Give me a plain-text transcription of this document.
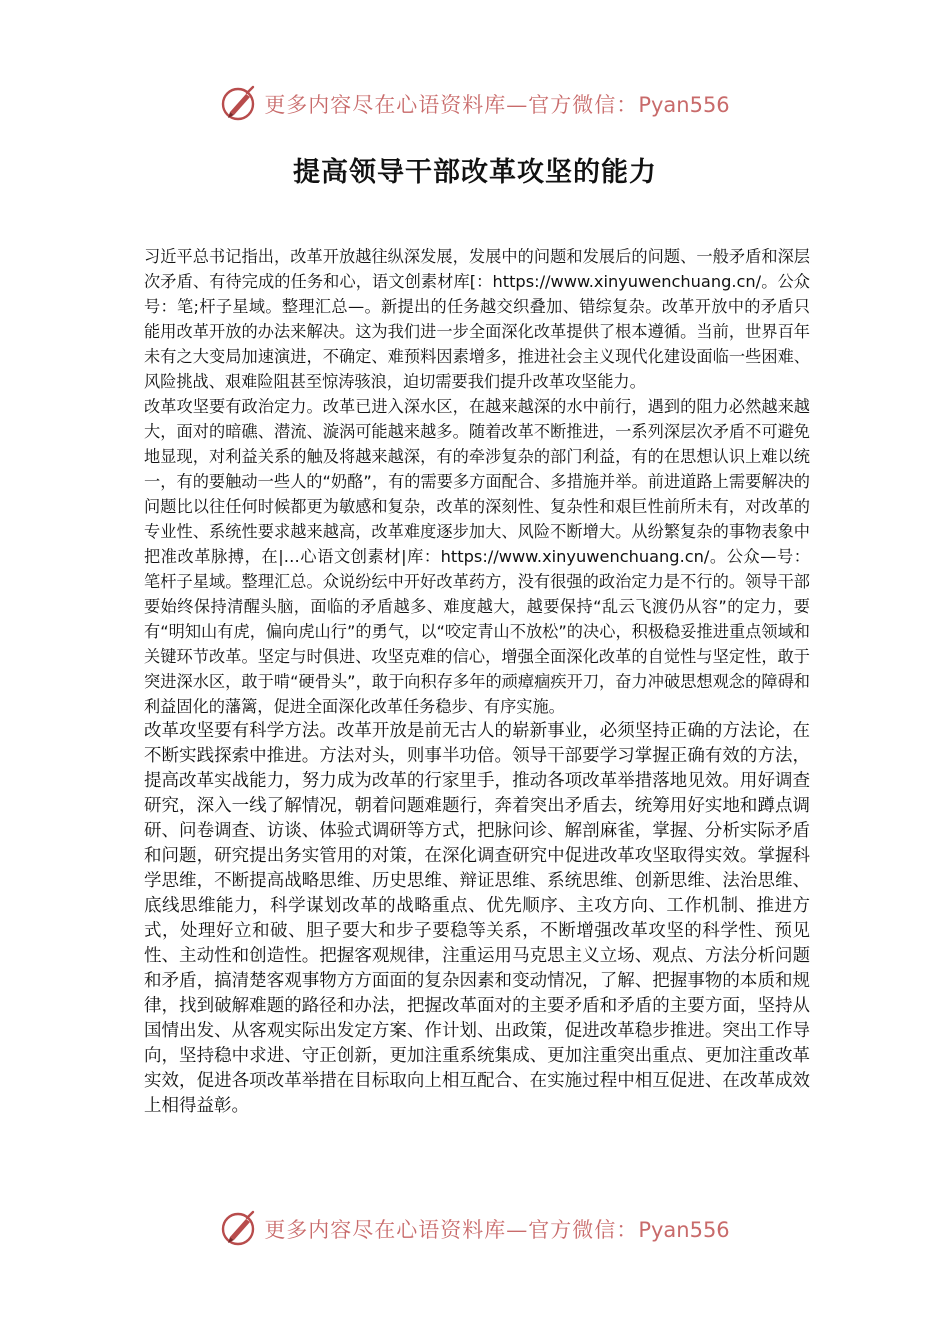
更多内容尽在心语资料库—官方微信：Pyan556
提高领导干部改革攻坚的能力

习近平总书记指出，改革开放越往纵深发展，发展中的问题和发展后的问题、一般矛盾和深层次矛盾、有待完成的任务和心，语文创素材库[：https://www.xinyuwenchuang.cn/。公众号：笔;杆子星域。整理汇总—。新提出的任务越交织叠加、错综复杂。改革开放中的矛盾只能用改革开放的办法来解决。这为我们进一步全面深化改革提供了根本遵循。当前，世界百年未有之大变局加速演进，不确定、难预料因素增多，推进社会主义现代化建设面临一些困难、风险挑战、艰难险阻甚至惊涛骇浪，迫切需要我们提升改革攻坚能力。

改革攻坚要有政治定力。改革已进入深水区，在越来越深的水中前行，遇到的阻力必然越来越大，面对的暗礁、潜流、漩涡可能越来越多。随着改革不断推进，一系列深层次矛盾不可避免地显现，对利益关系的触及将越来越深，有的牵涉复杂的部门利益，有的在思想认识上难以统一，有的要触动一些人的“奶酪”，有的需要多方面配合、多措施并举。前进道路上需要解决的问题比以往任何时候都更为敏感和复杂，改革的深刻性、复杂性和艰巨性前所未有，对改革的专业性、系统性要求越来越高，改革难度逐步加大、风险不断增大。从纷繁复杂的事物表象中把准改革脉搏，在|…心语文创素材|库：https://www.xinyuwenchuang.cn/。公众—号：笔杆子星域。整理汇总。众说纷纭中开好改革药方，没有很强的政治定力是不行的。领导干部要始终保持清醒头脑，面临的矛盾越多、难度越大，越要保持“乱云飞渡仍从容”的定力，要有“明知山有虎，偏向虎山行”的勇气，以“咬定青山不放松”的决心，积极稳妥推进重点领域和关键环节改革。坚定与时俱进、攻坚克难的信心，增强全面深化改革的自觉性与坚定性，敢于突进深水区，敢于啃“硬骨头”，敢于向积存多年的顽瘴痼疾开刀，奋力冲破思想观念的障碍和利益固化的藩篱，促进全面深化改革任务稳步、有序实施。

改革攻坚要有科学方法。改革开放是前无古人的崭新事业，必须坚持正确的方法论，在不断实践探索中推进。方法对头，则事半功倍。领导干部要学习掌握正确有效的方法，提高改革实战能力，努力成为改革的行家里手，推动各项改革举措落地见效。用好调查研究，深入一线了解情况，朝着问题难题行，奔着突出矛盾去，统筹用好实地和蹲点调研、问卷调查、访谈、体验式调研等方式，把脉问诊、解剖麻雀，掌握、分析实际矛盾和问题，研究提出务实管用的对策，在深化调查研究中促进改革攻坚取得实效。掌握科学思维，不断提高战略思维、历史思维、辩证思维、系统思维、创新思维、法治思维、底线思维能力，科学谋划改革的战略重点、优先顺序、主攻方向、工作机制、推进方式，处理好立和破、胆子要大和步子要稳等关系，不断增强改革攻坚的科学性、预见性、主动性和创造性。把握客观规律，注重运用马克思主义立场、观点、方法分析问题和矛盾，搞清楚客观事物方方面面的复杂因素和变动情况，了解、把握事物的本质和规律，找到破解难题的路径和办法，把握改革面对的主要矛盾和矛盾的主要方面，坚持从国情出发、从客观实际出发定方案、作计划、出政策，促进改革稳步推进。突出工作导向，坚持稳中求进、守正创新，更加注重系统集成、更加注重突出重点、更加注重改革实效，促进各项改革举措在目标取向上相互配合、在实施过程中相互促进、在改革成效上相得益彰。

更多内容尽在心语资料库—官方微信：Pyan556
